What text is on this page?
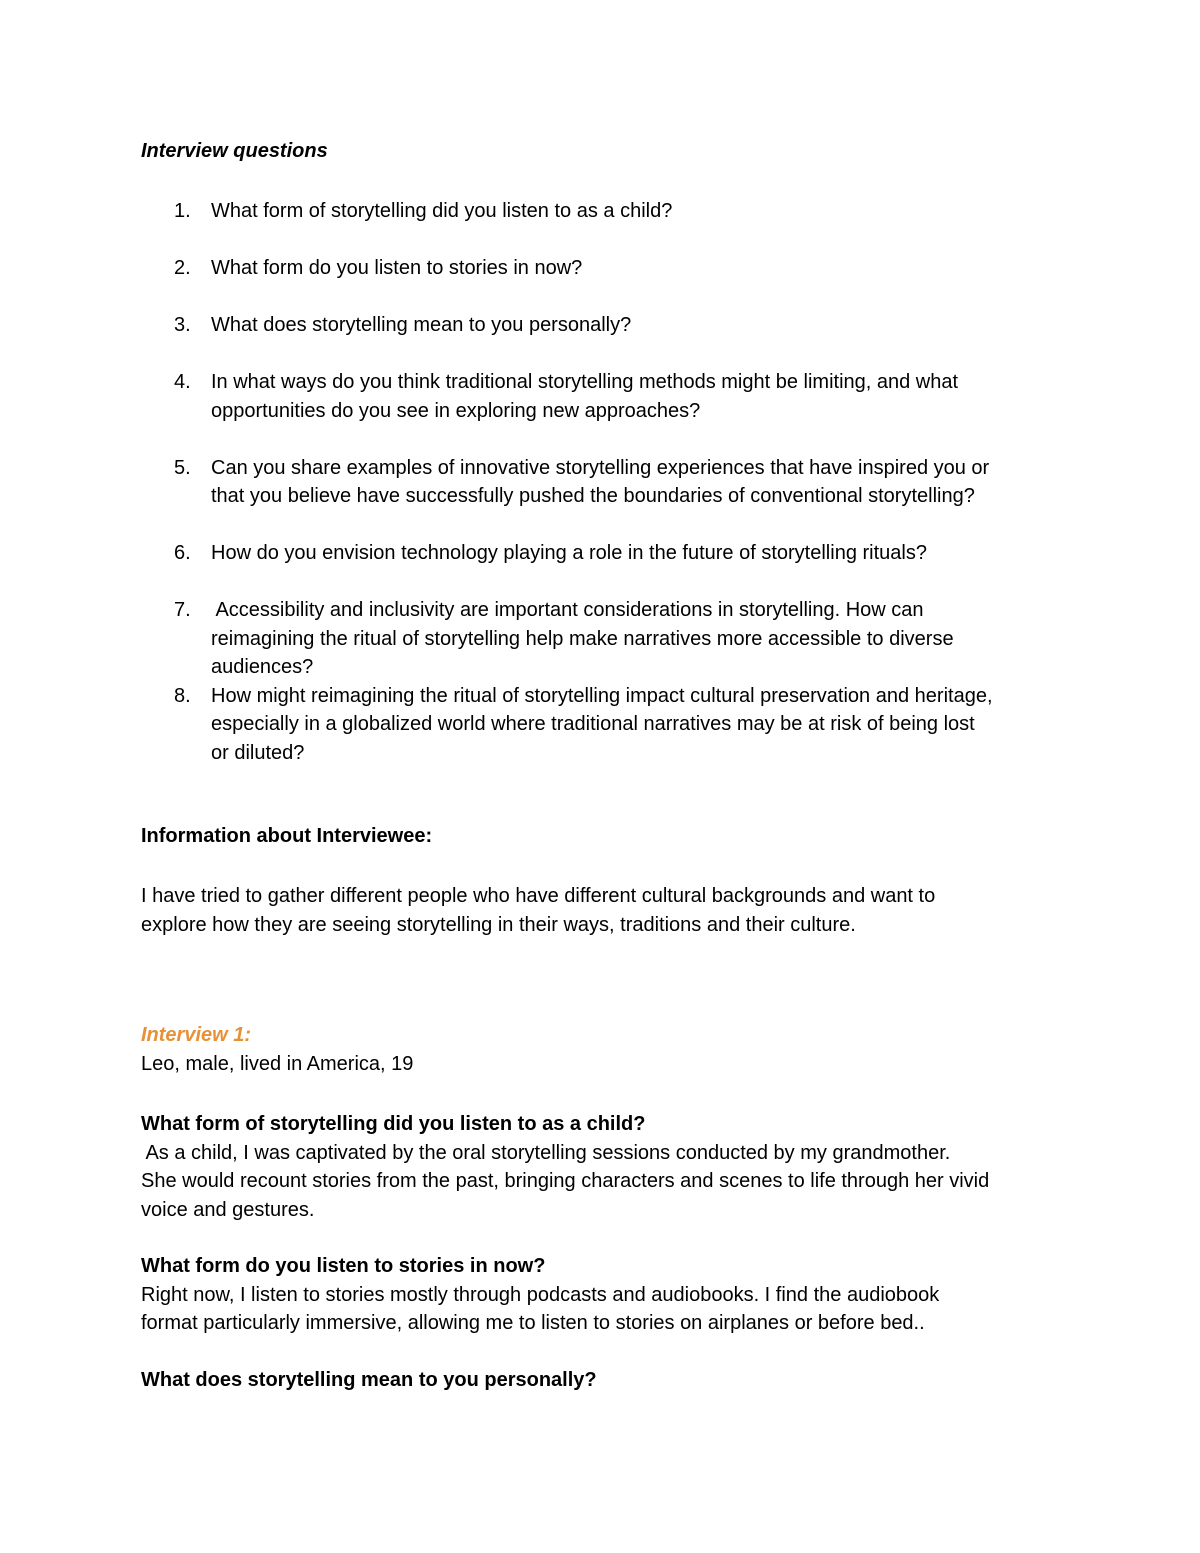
Interview questions
1. What form of storytelling did you listen to as a child?
2. What form do you listen to stories in now?
3. What does storytelling mean to you personally?
4. In what ways do you think traditional storytelling methods might be limiting, and what
opportunities do you see in exploring new approaches?
5. Can you share examples of innovative storytelling experiences that have inspired you or
that you believe have successfully pushed the boundaries of conventional storytelling?
6. How do you envision technology playing a role in the future of storytelling rituals?
7. Accessibility and inclusivity are important considerations in storytelling. How can
reimagining the ritual of storytelling help make narratives more accessible to diverse
audiences?
8. How might reimagining the ritual of storytelling impact cultural preservation and heritage,
especially in a globalized world where traditional narratives may be at risk of being lost
or diluted?
Information about Interviewee:
I have tried to gather different people who have different cultural backgrounds and want to
explore how they are seeing storytelling in their ways, traditions and their culture.
Interview 1:
Leo, male, lived in America, 19
What form of storytelling did you listen to as a child?
As a child, I was captivated by the oral storytelling sessions conducted by my grandmother.
She would recount stories from the past, bringing characters and scenes to life through her vivid
voice and gestures.
What form do you listen to stories in now?
Right now, I listen to stories mostly through podcasts and audiobooks. I find the audiobook
format particularly immersive, allowing me to listen to stories on airplanes or before bed..
What does storytelling mean to you personally?
